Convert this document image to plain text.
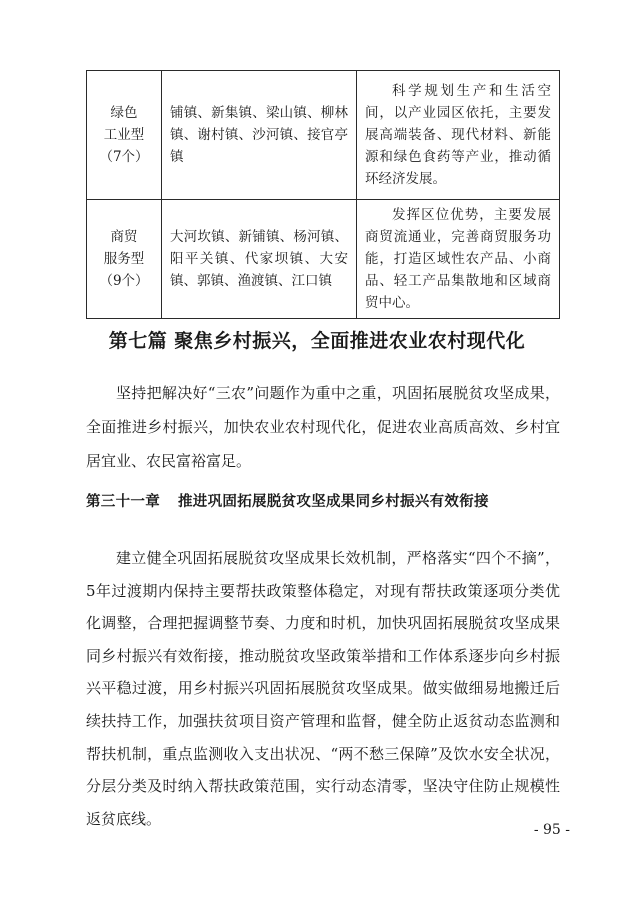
绿色
工业型
（7个）	铺镇、新集镇、梁山镇、柳林镇、谢村镇、沙河镇、接官亭镇	科学规划生产和生活空间，以产业园区依托，主要发展高端装备、现代材料、新能源和绿色食药等产业，推动循环经济发展。

商贸
服务型
（9个）	大河坎镇、新铺镇、杨河镇、阳平关镇、代家坝镇、大安镇、郭镇、渔渡镇、江口镇	发挥区位优势，主要发展商贸流通业，完善商贸服务功能，打造区域性农产品、小商品、轻工产品集散地和区域商贸中心。
第七篇 聚焦乡村振兴，全面推进农业农村现代化

坚持把解决好“三农”问题作为重中之重，巩固拓展脱贫攻坚成果，全面推进乡村振兴，加快农业农村现代化，促进农业高质高效、乡村宜居宜业、农民富裕富足。

第三十一章 推进巩固拓展脱贫攻坚成果同乡村振兴有效衔接

建立健全巩固拓展脱贫攻坚成果长效机制，严格落实“四个不摘”，5年过渡期内保持主要帮扶政策整体稳定，对现有帮扶政策逐项分类优化调整，合理把握调整节奏、力度和时机，加快巩固拓展脱贫攻坚成果同乡村振兴有效衔接，推动脱贫攻坚政策举措和工作体系逐步向乡村振兴平稳过渡，用乡村振兴巩固拓展脱贫攻坚成果。做实做细易地搬迁后续扶持工作，加强扶贫项目资产管理和监督，健全防止返贫动态监测和帮扶机制，重点监测收入支出状况、“两不愁三保障”及饮水安全状况，分层分类及时纳入帮扶政策范围，实行动态清零，坚决守住防止规模性返贫底线。

- 95 -
